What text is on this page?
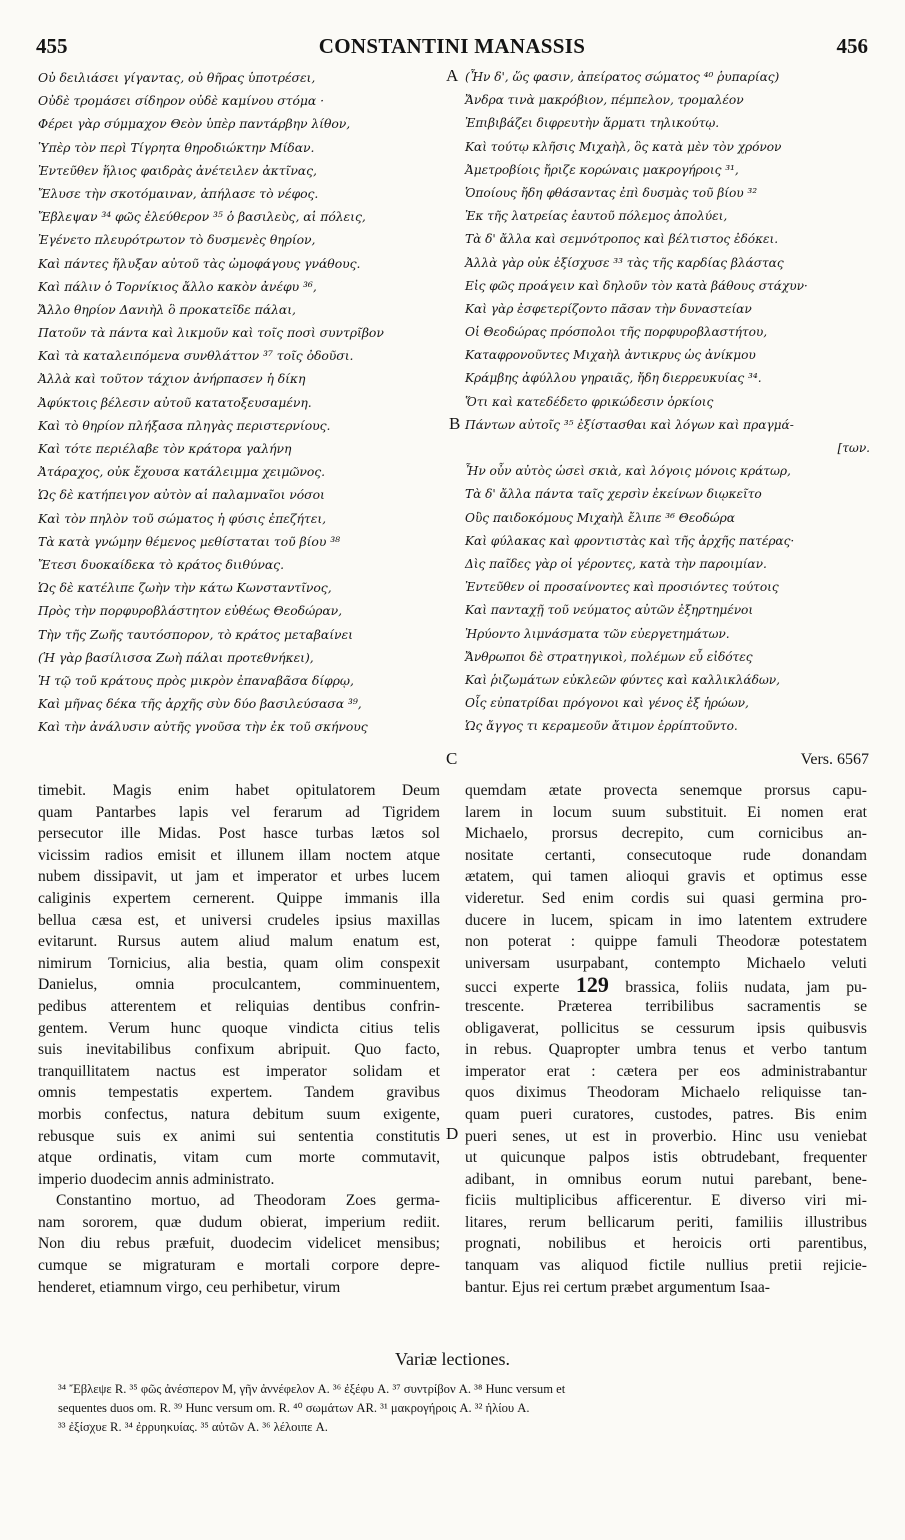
455	CONSTANTINI MANASSIS	456
Οὐ δειλιάσει γίγαντας, οὐ θῆρας ὑποτρέσει,
Οὐδὲ τρομάσει σίδηρον οὐδὲ καμίνου στόμα ·
Φέρει γὰρ σύμμαχον Θεὸν ὑπὲρ παντάρβην λίθον,
Ὑπὲρ τὸν περὶ Τίγρητα θηροδιώκτην Μίδαν.
Ἐντεῦθεν ἥλιος φαιδρὰς ἀνέτειλεν ἀκτῖνας,
Ἔλυσε τὴν σκοτόμαιναν, ἀπήλασε τὸ νέφος.
Ἔβλεψαν ³⁴ φῶς ἐλεύθερον ³⁵ ὁ βασιλεὺς, αἱ πόλεις,
Ἐγένετο πλευρότρωτον τὸ δυσμενὲς θηρίον,
Καὶ πάντες ἤλυξαν αὐτοῦ τὰς ὠμοφάγους γνάθους.
Καὶ πάλιν ὁ Τορνίκιος ἄλλο κακὸν ἀνέφυ ³⁶,
Ἄλλο θηρίον Δανιὴλ ὃ προκατεῖδε πάλαι,
Πατοῦν τὰ πάντα καὶ λικμοῦν καὶ τοῖς ποσὶ συντρῖβον
Καὶ τὰ καταλειπόμενα συνθλάττον ³⁷ τοῖς ὀδοῦσι.
Ἀλλὰ καὶ τοῦτον τάχιον ἀνήρπασεν ἡ δίκη
Ἀφύκτοις βέλεσιν αὐτοῦ κατατοξευσαμένη.
Καὶ τὸ θηρίον πλήξασα πληγὰς περιστερνίους.
Καὶ τότε περιέλαβε τὸν κράτορα γαλήνη
Ἀτάραχος, οὐκ ἔχουσα κατάλειμμα χειμῶνος.
Ὡς δὲ κατήπειγον αὐτὸν αἱ παλαμναῖοι νόσοι
Καὶ τὸν πηλὸν τοῦ σώματος ἡ φύσις ἐπεζήτει,
Τὰ κατὰ γνώμην θέμενος μεθίσταται τοῦ βίου ³⁸
Ἔτεσι δυοκαίδεκα τὸ κράτος διιθύνας.
Ὡς δὲ κατέλιπε ζωὴν τὴν κάτω Κωνσταντῖνος,
Πρὸς τὴν πορφυροβλάστητον εὐθέως Θεοδώραν,
Τὴν τῆς Ζωῆς ταυτόσπορον, τὸ κράτος μεταβαίνει
(Ἡ γὰρ βασίλισσα Ζωὴ πάλαι προτεθνήκει),
Ἡ τῷ τοῦ κράτους πρὸς μικρὸν ἐπαναβᾶσα δίφρῳ,
Καὶ μῆνας δέκα τῆς ἀρχῆς σὺν δύο βασιλεύσασα ³⁹,
Καὶ τὴν ἀνάλυσιν αὐτῆς γνοῦσα τὴν ἐκ τοῦ σκήνους
(Ἦν δ', ὥς φασιν, ἀπείρατος σώματος ⁴⁰ ῥυπαρίας)
Ἄνδρα τινὰ μακρόβιον, πέμπελον, τρομαλέον
Ἐπιβιβάζει διφρευτὴν ἅρματι τηλικούτῳ.
Καὶ τούτῳ κλῆσις Μιχαὴλ, ὃς κατὰ μὲν τὸν χρόνον
Ἀμετροβίοις ἤριζε κορώναις μακρογήροις ³¹,
Ὁποίους ἤδη φθάσαντας ἐπὶ δυσμὰς τοῦ βίου ³²
Ἐκ τῆς λατρείας ἑαυτοῦ πόλεμος ἀπολύει,
Τὰ δ' ἄλλα καὶ σεμνότροπος καὶ βέλτιστος ἐδόκει.
Ἀλλὰ γὰρ οὐκ ἐξίσχυσε ³³ τὰς τῆς καρδίας βλάστας
Εἰς φῶς προάγειν καὶ δηλοῦν τὸν κατὰ βάθους στάχυν·
Καὶ γὰρ ἐσφετερίζοντο πᾶσαν τὴν δυναστείαν
Οἱ Θεοδώρας πρόσπολοι τῆς πορφυροβλαστήτου,
Καταφρονοῦντες Μιχαὴλ ἀντικρυς ὡς ἀνίκμου
Κράμβης ἀφύλλου γηραιᾶς, ἤδη διερρευκυίας ³⁴.
Ὅτι καὶ κατεδέδετο φρικώδεσιν ὁρκίοις
Πάντων αὐτοῖς ³⁵ ἐξίστασθαι καὶ λόγων καὶ πραγμά-
[των.
Ἦν οὖν αὐτὸς ὡσεὶ σκιὰ, καὶ λόγοις μόνοις κράτωρ,
Τὰ δ' ἄλλα πάντα ταῖς χερσὶν ἐκείνων διῳκεῖτο
Οὓς παιδοκόμους Μιχαὴλ ἔλιπε ³⁶ Θεοδώρα
Καὶ φύλακας καὶ φροντιστὰς καὶ τῆς ἀρχῆς πατέρας·
Δὶς παῖδες γὰρ οἱ γέροντες, κατὰ τὴν παροιμίαν.
Ἐντεῦθεν οἱ προσαίνοντες καὶ προσιόντες τούτοις
Καὶ πανταχῇ τοῦ νεύματος αὐτῶν ἐξηρτημένοι
Ἠρύοντο λιμνάσματα τῶν εὐεργετημάτων.
Ἄνθρωποι δὲ στρατηγικοὶ, πολέμων εὖ εἰδότες
Καὶ ῥιζωμάτων εὐκλεῶν φύντες καὶ καλλικλάδων,
Οἷς εὐπατρίδαι πρόγονοι καὶ γένος ἐξ ἡρώων,
Ὡς ἄγγος τι κεραμεοῦν ἄτιμον ἐρρίπτοῦντο.
A
B
C
D
Vers. 6567
timebit. Magis enim habet opitulatorem Deum
quam Pantarbes lapis vel ferarum ad Tigridem
persecutor ille Midas. Post hasce turbas lætos sol
vicissim radios emisit et illunem illam noctem atque
nubem dissipavit, ut jam et imperator et urbes lucem
caliginis expertem cernerent. Quippe immanis illa
bellua cæsa est, et universi crudeles ipsius maxillas
evitarunt. Rursus autem aliud malum enatum est,
nimirum Tornicius, alia bestia, quam olim conspexit
Danielus, omnia proculcantem, comminuentem,
pedibus atterentem et reliquias dentibus confrin-
gentem. Verum hunc quoque vindicta citius telis
suis inevitabilibus confixum abripuit. Quo facto,
tranquillitatem nactus est imperator solidam et
omnis tempestatis expertem. Tandem gravibus
morbis confectus, natura debitum suum exigente,
rebusque suis ex animi sui sententia constitutis
atque ordinatis, vitam cum morte commutavit,
imperio duodecim annis administrato.
Constantino mortuo, ad Theodoram Zoes germa-
nam sororem, quæ dudum obierat, imperium rediit.
Non diu rebus præfuit, duodecim videlicet mensibus;
cumque se migraturam e mortali corpore depre-
henderet, etiamnum virgo, ceu perhibetur, virum
quemdam ætate provecta senemque prorsus capu-
larem in locum suum substituit. Ei nomen erat
Michaelo, prorsus decrepito, cum cornicibus an-
nositate certanti, consecutoque rude donandam
ætatem, qui tamen alioqui gravis et optimus esse
videretur. Sed enim cordis sui quasi germina pro-
ducere in lucem, spicam in imo latentem extrudere
non poterat : quippe famuli Theodoræ potestatem
universam usurpabant, contempto Michaelo veluti
succi experte 129 brassica, foliis nudata, jam pu-
trescente. Præterea terribilibus sacramentis se
obligaverat, pollicitus se cessurum ipsis quibusvis
in rebus. Quapropter umbra tenus et verbo tantum
imperator erat : cætera per eos administrabantur
quos diximus Theodoram Michaelo reliquisse tan-
quam pueri curatores, custodes, patres. Bis enim
pueri senes, ut est in proverbio. Hinc usu veniebat
ut quicunque palpos istis obtrudebant, frequenter
adibant, in omnibus eorum nutui parebant, bene-
ficiis multiplicibus afficerentur. E diverso viri mi-
litares, rerum bellicarum periti, familiis illustribus
prognati, nobilibus et heroicis orti parentibus,
tanquam vas aliquod fictile nullius pretii rejicie-
bantur. Ejus rei certum præbet argumentum Isaa-
Variæ lectiones.
³⁴ Ἔβλεψε R. ³⁵ φῶς ἀνέσπερον M, γῆν ἀννέφελον A. ³⁶ ἐξέφυ A. ³⁷ συντρίβον A. ³⁸ Hunc versum et
sequentes duos om. R. ³⁹ Hunc versum om. R. ⁴⁰ σωμάτων AR. ³¹ μακρογήροις A. ³² ἡλίου A.
³³ ἐξίσχυε R. ³⁴ ἐρρυηκυίας. ³⁵ αὐτῶν A. ³⁶ λέλοιπε A.
